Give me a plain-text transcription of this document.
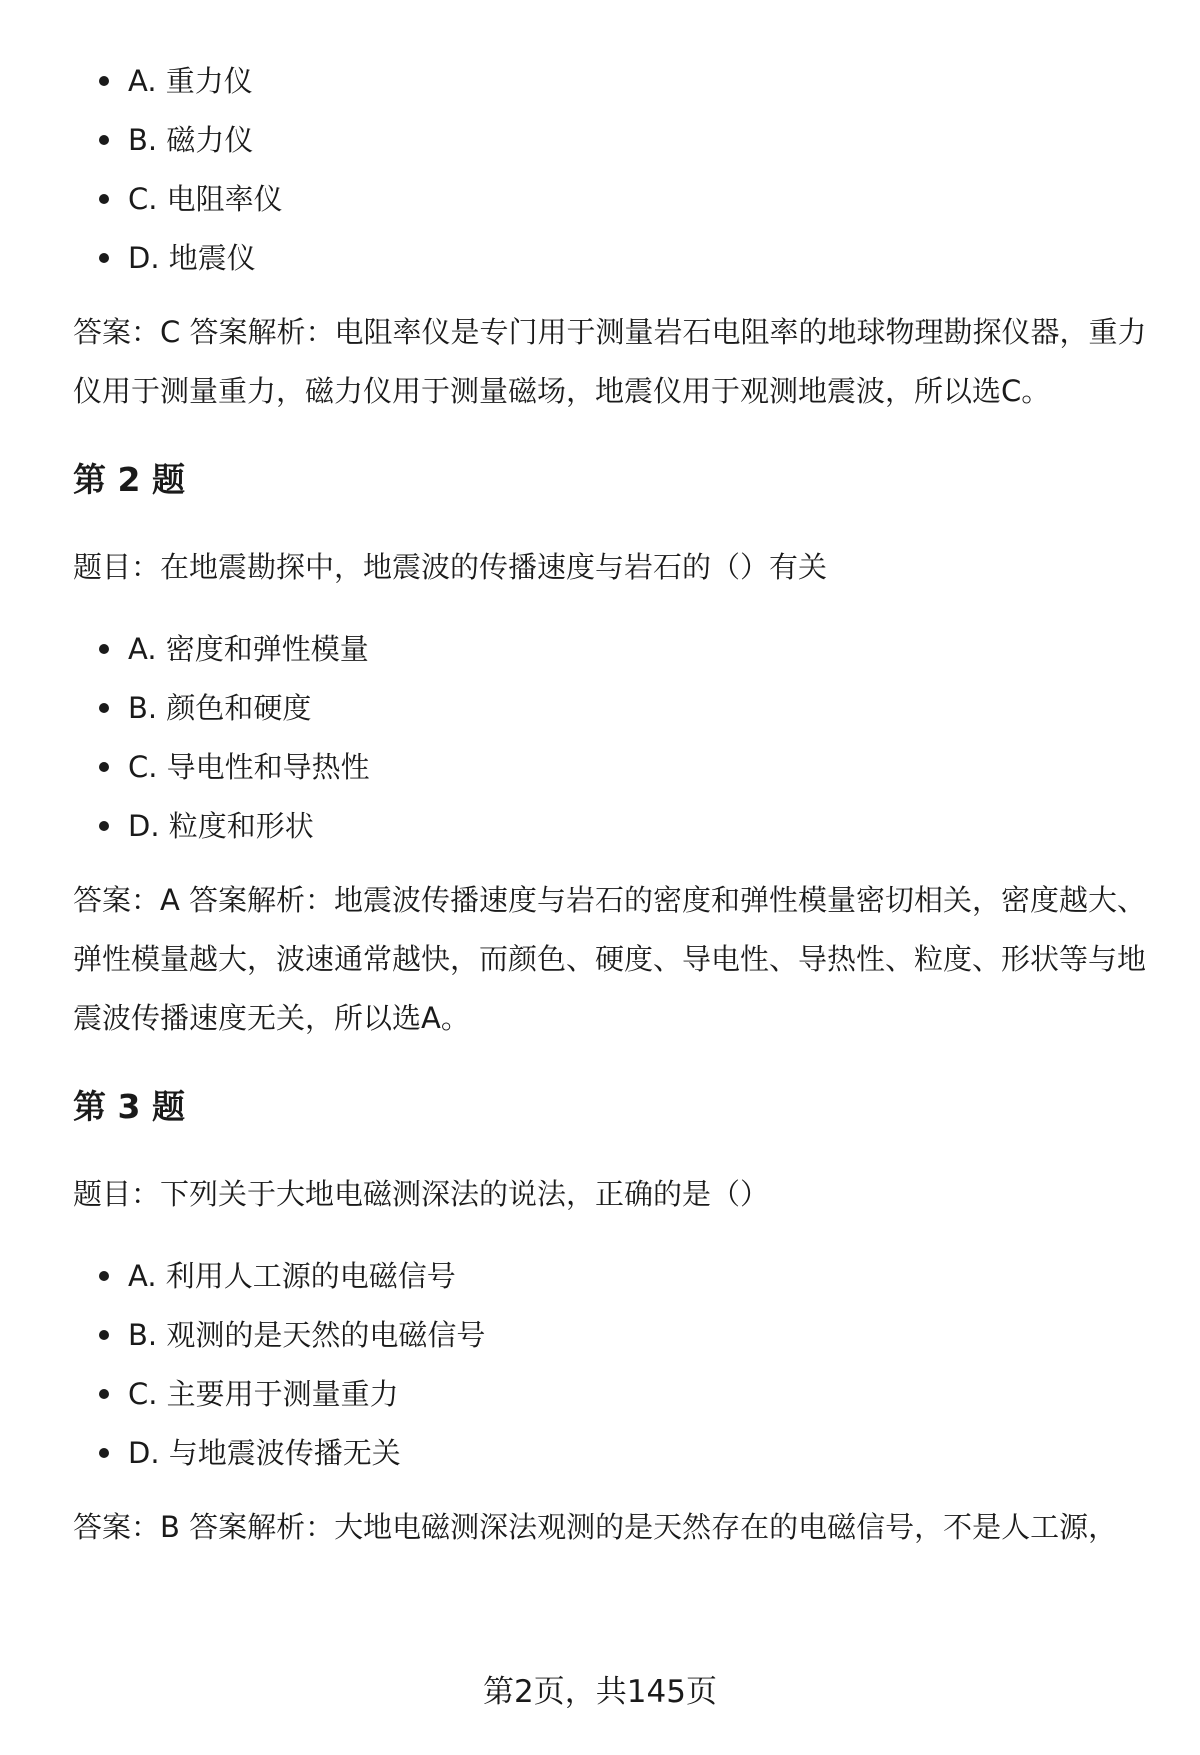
A. 重力仪
B. 磁力仪
C. 电阻率仪
D. 地震仪

答案：C 答案解析：电阻率仪是专门用于测量岩石电阻率的地球物理勘探仪器，重力仪用于测量重力，磁力仪用于测量磁场，地震仪用于观测地震波，所以选C。

第 2 题

题目：在地震勘探中，地震波的传播速度与岩石的（）有关

A. 密度和弹性模量
B. 颜色和硬度
C. 导电性和导热性
D. 粒度和形状

答案：A 答案解析：地震波传播速度与岩石的密度和弹性模量密切相关，密度越大、弹性模量越大，波速通常越快，而颜色、硬度、导电性、导热性、粒度、形状等与地震波传播速度无关，所以选A。

第 3 题

题目：下列关于大地电磁测深法的说法，正确的是（）

A. 利用人工源的电磁信号
B. 观测的是天然的电磁信号
C. 主要用于测量重力
D. 与地震波传播无关

答案：B 答案解析：大地电磁测深法观测的是天然存在的电磁信号，不是人工源，

第2页，共145页
